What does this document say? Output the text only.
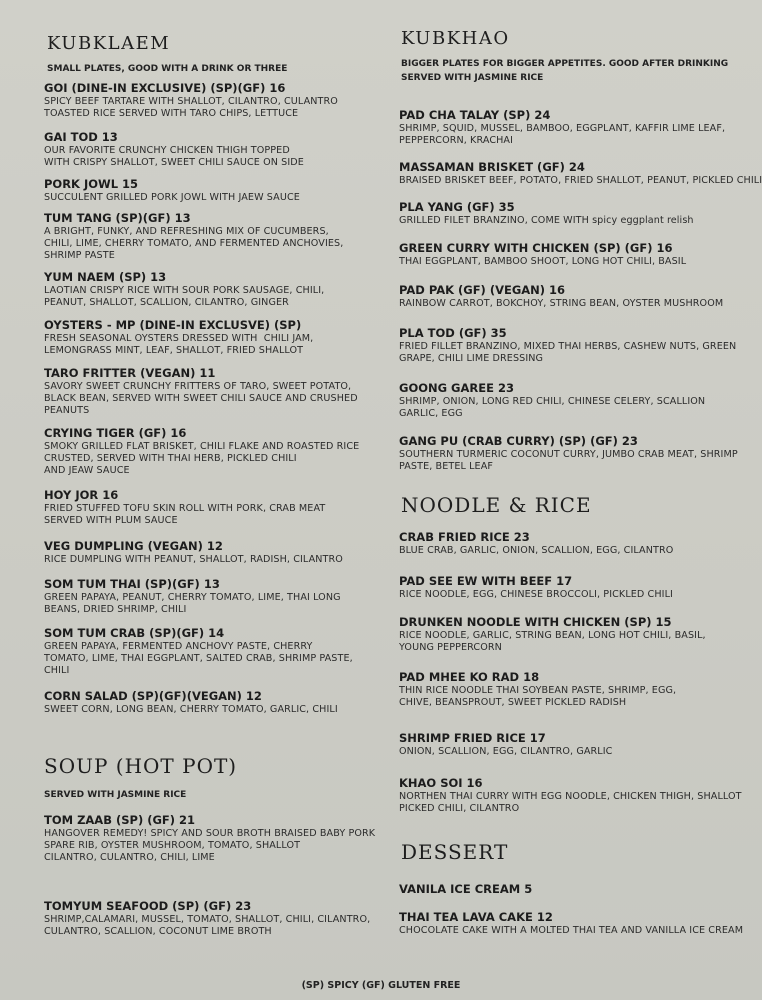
KUBKLAEM
SMALL PLATES, GOOD WITH A DRINK OR THREE
GOI (DINE-IN EXCLUSIVE) (SP)(GF) 16
SPICY BEEF TARTARE WITH SHALLOT, CILANTRO, CULANTRO
TOASTED RICE SERVED WITH TARO CHIPS, LETTUCE
GAI TOD 13
OUR FAVORITE CRUNCHY CHICKEN THIGH TOPPED
WITH CRISPY SHALLOT, SWEET CHILI SAUCE ON SIDE
PORK JOWL 15
SUCCULENT GRILLED PORK JOWL WITH JAEW SAUCE
TUM TANG (SP)(GF) 13
A BRIGHT, FUNKY, AND REFRESHING MIX OF CUCUMBERS,
CHILI, LIME, CHERRY TOMATO, AND FERMENTED ANCHOVIES,
SHRIMP PASTE
YUM NAEM (SP) 13
LAOTIAN CRISPY RICE WITH SOUR PORK SAUSAGE, CHILI,
PEANUT, SHALLOT, SCALLION, CILANTRO, GINGER
OYSTERS - MP (DINE-IN EXCLUSVE) (SP)
FRESH SEASONAL OYSTERS DRESSED WITH  CHILI JAM,
LEMONGRASS MINT, LEAF, SHALLOT, FRIED SHALLOT
TARO FRITTER (VEGAN) 11
SAVORY SWEET CRUNCHY FRITTERS OF TARO, SWEET POTATO,
BLACK BEAN, SERVED WITH SWEET CHILI SAUCE AND CRUSHED
PEANUTS
CRYING TIGER (GF) 16
SMOKY GRILLED FLAT BRISKET, CHILI FLAKE AND ROASTED RICE
CRUSTED, SERVED WITH THAI HERB, PICKLED CHILI
AND JEAW SAUCE
HOY JOR 16
FRIED STUFFED TOFU SKIN ROLL WITH PORK, CRAB MEAT
SERVED WITH PLUM SAUCE
VEG DUMPLING (VEGAN) 12
RICE DUMPLING WITH PEANUT, SHALLOT, RADISH, CILANTRO
SOM TUM THAI (SP)(GF) 13
GREEN PAPAYA, PEANUT, CHERRY TOMATO, LIME, THAI LONG
BEANS, DRIED SHRIMP, CHILI
SOM TUM CRAB (SP)(GF) 14
GREEN PAPAYA, FERMENTED ANCHOVY PASTE, CHERRY
TOMATO, LIME, THAI EGGPLANT, SALTED CRAB, SHRIMP PASTE,
CHILI
CORN SALAD (SP)(GF)(VEGAN) 12
SWEET CORN, LONG BEAN, CHERRY TOMATO, GARLIC, CHILI
SOUP (HOT POT)
SERVED WITH JASMINE RICE
TOM ZAAB (SP) (GF) 21
HANGOVER REMEDY! SPICY AND SOUR BROTH BRAISED BABY PORK
SPARE RIB, OYSTER MUSHROOM, TOMATO, SHALLOT
CILANTRO, CULANTRO, CHILI, LIME
TOMYUM SEAFOOD (SP) (GF) 23
SHRIMP,CALAMARI, MUSSEL, TOMATO, SHALLOT, CHILI, CILANTRO,
CULANTRO, SCALLION, COCONUT LIME BROTH
KUBKHAO
BIGGER PLATES FOR BIGGER APPETITES. GOOD AFTER DRINKING
SERVED WITH JASMINE RICE
PAD CHA TALAY (SP) 24
SHRIMP, SQUID, MUSSEL, BAMBOO, EGGPLANT, KAFFIR LIME LEAF,
PEPPERCORN, KRACHAI
MASSAMAN BRISKET (GF) 24
BRAISED BRISKET BEEF, POTATO, FRIED SHALLOT, PEANUT, PICKLED CHILI
PLA YANG (GF) 35
GRILLED FILET BRANZINO, COME WITH spicy eggplant relish
GREEN CURRY WITH CHICKEN (SP) (GF) 16
THAI EGGPLANT, BAMBOO SHOOT, LONG HOT CHILI, BASIL
PAD PAK (GF) (VEGAN) 16
RAINBOW CARROT, BOKCHOY, STRING BEAN, OYSTER MUSHROOM
PLA TOD (GF) 35
FRIED FILLET BRANZINO, MIXED THAI HERBS, CASHEW NUTS, GREEN
GRAPE, CHILI LIME DRESSING
GOONG GAREE 23
SHRIMP, ONION, LONG RED CHILI, CHINESE CELERY, SCALLION
GARLIC, EGG
GANG PU (CRAB CURRY) (SP) (GF) 23
SOUTHERN TURMERIC COCONUT CURRY, JUMBO CRAB MEAT, SHRIMP
PASTE, BETEL LEAF
NOODLE & RICE
CRAB FRIED RICE 23
BLUE CRAB, GARLIC, ONION, SCALLION, EGG, CILANTRO
PAD SEE EW WITH BEEF 17
RICE NOODLE, EGG, CHINESE BROCCOLI, PICKLED CHILI
DRUNKEN NOODLE WITH CHICKEN (SP) 15
RICE NOODLE, GARLIC, STRING BEAN, LONG HOT CHILI, BASIL,
YOUNG PEPPERCORN
PAD MHEE KO RAD 18
THIN RICE NOODLE THAI SOYBEAN PASTE, SHRIMP, EGG,
CHIVE, BEANSPROUT, SWEET PICKLED RADISH
SHRIMP FRIED RICE 17
ONION, SCALLION, EGG, CILANTRO, GARLIC
KHAO SOI 16
NORTHEN THAI CURRY WITH EGG NOODLE, CHICKEN THIGH, SHALLOT
PICKED CHILI, CILANTRO
DESSERT
VANILA ICE CREAM 5
THAI TEA LAVA CAKE 12
CHOCOLATE CAKE WITH A MOLTED THAI TEA AND VANILLA ICE CREAM
(SP) SPICY (GF) GLUTEN FREE
